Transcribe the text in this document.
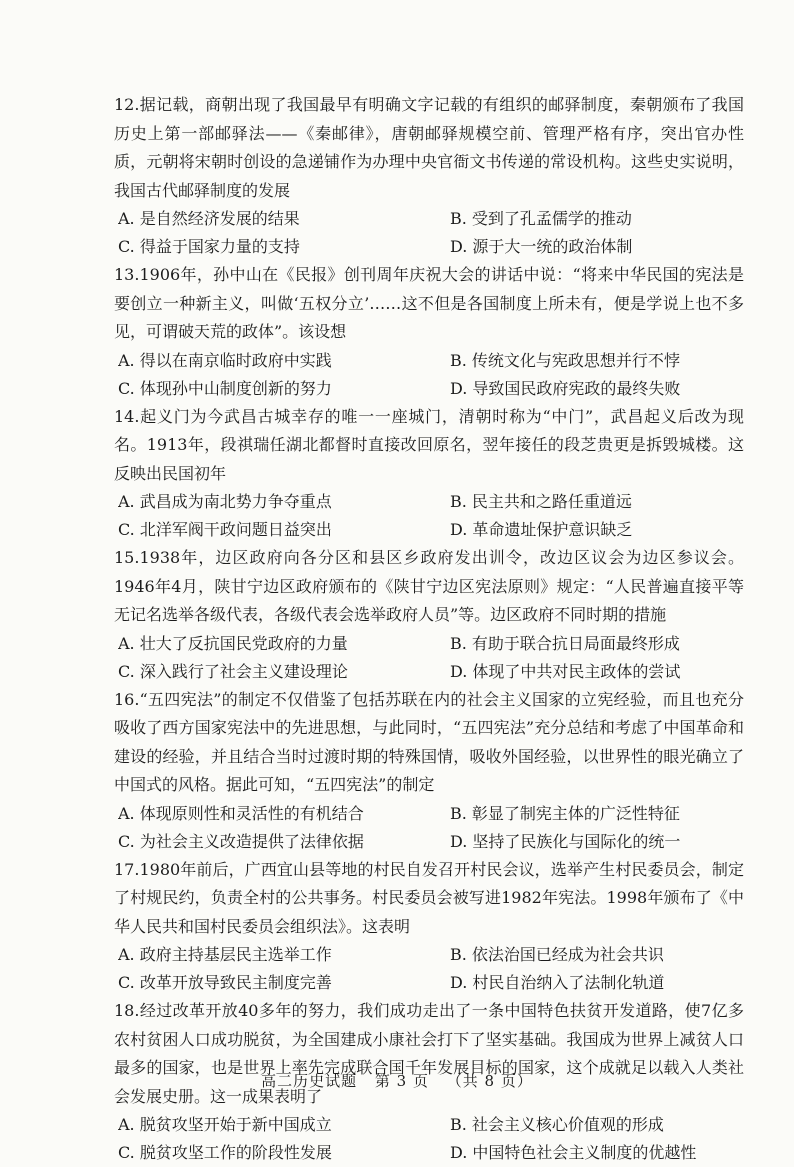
12.据记载，商朝出现了我国最早有明确文字记载的有组织的邮驿制度，秦朝颁布了我国历史上第一部邮驿法——《秦邮律》，唐朝邮驿规模空前、管理严格有序，突出官办性质，元朝将宋朝时创设的急递铺作为办理中央官衙文书传递的常设机构。这些史实说明，我国古代邮驿制度的发展

A. 是自然经济发展的结果	B. 受到了孔孟儒学的推动
C. 得益于国家力量的支持	D. 源于大一统的政治体制

13.1906年，孙中山在《民报》创刊周年庆祝大会的讲话中说：“将来中华民国的宪法是要创立一种新主义，叫做‘五权分立’……这不但是各国制度上所未有，便是学说上也不多见，可谓破天荒的政体”。该设想

A. 得以在南京临时政府中实践	B. 传统文化与宪政思想并行不悖
C. 体现孙中山制度创新的努力	D. 导致国民政府宪政的最终失败

14.起义门为今武昌古城幸存的唯一一座城门，清朝时称为“中门”，武昌起义后改为现名。1913年，段祺瑞任湖北都督时直接改回原名，翌年接任的段芝贵更是拆毁城楼。这反映出民国初年

A. 武昌成为南北势力争夺重点	B. 民主共和之路任重道远
C. 北洋军阀干政问题日益突出	D. 革命遗址保护意识缺乏

15.1938年，边区政府向各分区和县区乡政府发出训令，改边区议会为边区参议会。1946年4月，陕甘宁边区政府颁布的《陕甘宁边区宪法原则》规定：“人民普遍直接平等无记名选举各级代表，各级代表会选举政府人员”等。边区政府不同时期的措施

A. 壮大了反抗国民党政府的力量	B. 有助于联合抗日局面最终形成
C. 深入践行了社会主义建设理论	D. 体现了中共对民主政体的尝试

16.“五四宪法”的制定不仅借鉴了包括苏联在内的社会主义国家的立宪经验，而且也充分吸收了西方国家宪法中的先进思想，与此同时，“五四宪法”充分总结和考虑了中国革命和建设的经验，并且结合当时过渡时期的特殊国情，吸收外国经验，以世界性的眼光确立了中国式的风格。据此可知，“五四宪法”的制定

A. 体现原则性和灵活性的有机结合	B. 彰显了制宪主体的广泛性特征
C. 为社会主义改造提供了法律依据	D. 坚持了民族化与国际化的统一

17.1980年前后，广西宜山县等地的村民自发召开村民会议，选举产生村民委员会，制定了村规民约，负责全村的公共事务。村民委员会被写进1982年宪法。1998年颁布了《中华人民共和国村民委员会组织法》。这表明

A. 政府主持基层民主选举工作	B. 依法治国已经成为社会共识
C. 改革开放导致民主制度完善	D. 村民自治纳入了法制化轨道

18.经过改革开放40多年的努力，我们成功走出了一条中国特色扶贫开发道路，使7亿多农村贫困人口成功脱贫，为全国建成小康社会打下了坚实基础。我国成为世界上减贫人口最多的国家，也是世界上率先完成联合国千年发展目标的国家，这个成就足以载入人类社会发展史册。这一成果表明了

A. 脱贫攻坚开始于新中国成立	B. 社会主义核心价值观的形成
C. 脱贫攻坚工作的阶段性发展	D. 中国特色社会主义制度的优越性
高二历史试题 第 3 页 （共 8 页）
